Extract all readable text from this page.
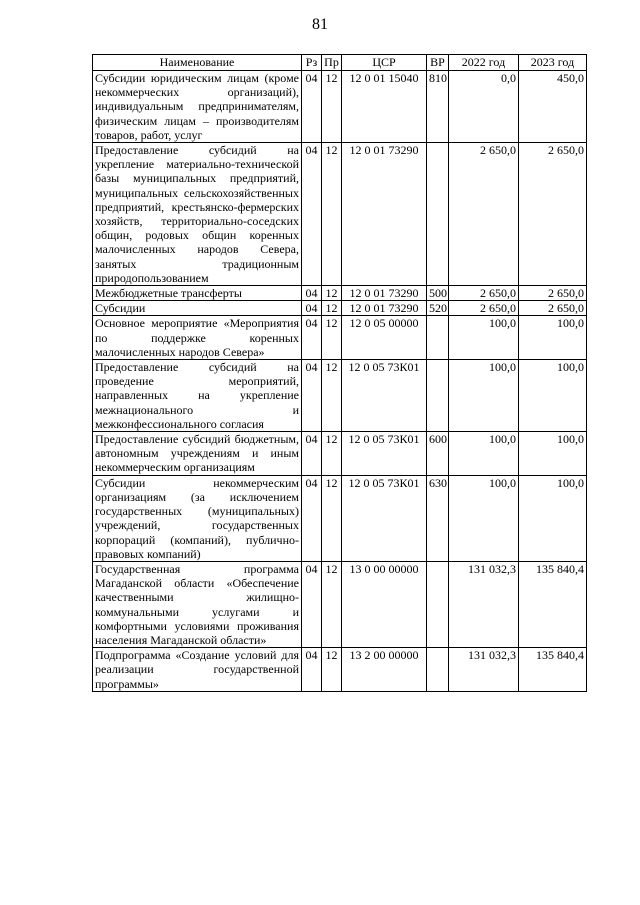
81
Наименование	Рз	Пр	ЦСР	ВР	2022 год	2023 год
Субсидии юридическим лицам (кроме некоммерческих организаций), индивидуальным предпринимателям, физическим лицам – производителям товаров, работ, услуг	04	12	12 0 01 15040	810	0,0	450,0
Предоставление субсидий на укрепление материально-технической базы муниципальных предприятий, муниципальных сельскохозяйственных предприятий, крестьянско-фермерских хозяйств, территориально-соседских общин, родовых общин коренных малочисленных народов Севера, занятых традиционным природопользованием	04	12	12 0 01 73290		2 650,0	2 650,0
Межбюджетные трансферты	04	12	12 0 01 73290	500	2 650,0	2 650,0
Субсидии	04	12	12 0 01 73290	520	2 650,0	2 650,0
Основное мероприятие «Мероприятия по поддержке коренных малочисленных народов Севера»	04	12	12 0 05 00000		100,0	100,0
Предоставление субсидий на проведение мероприятий, направленных на укрепление межнационального и межконфессионального согласия	04	12	12 0 05 73К01		100,0	100,0
Предоставление субсидий бюджетным, автономным учреждениям и иным некоммерческим организациям	04	12	12 0 05 73К01	600	100,0	100,0
Субсидии некоммерческим организациям (за исключением государственных (муниципальных) учреждений, государственных корпораций (компаний), публично-правовых компаний)	04	12	12 0 05 73К01	630	100,0	100,0
Государственная программа Магаданской области «Обеспечение качественными жилищно-коммунальными услугами и комфортными условиями проживания населения Магаданской области»	04	12	13 0 00 00000		131 032,3	135 840,4
Подпрограмма «Создание условий для реализации государственной программы»	04	12	13 2 00 00000		131 032,3	135 840,4
